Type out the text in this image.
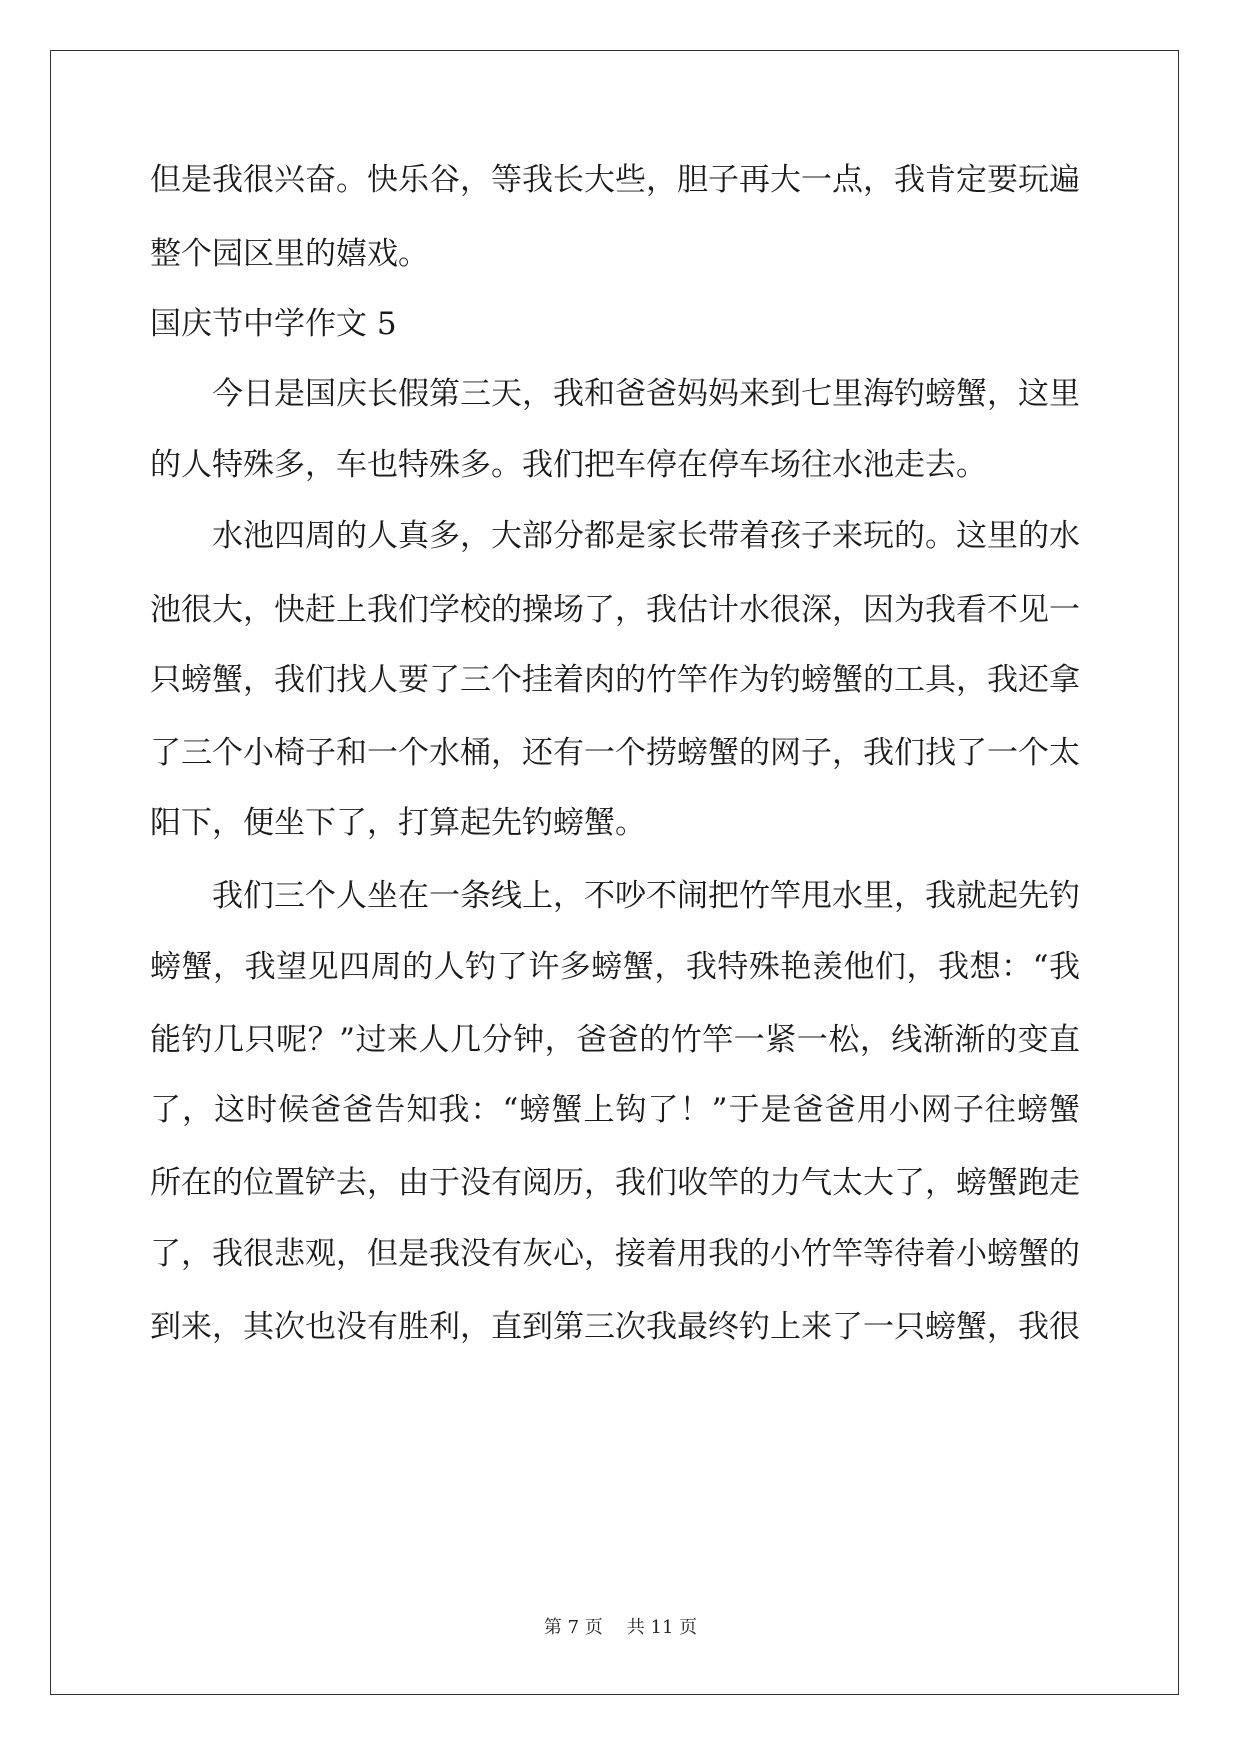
但是我很兴奋。快乐谷，等我长大些，胆子再大一点，我肯定要玩遍
整个园区里的嬉戏。
国庆节中学作文 5
今日是国庆长假第三天，我和爸爸妈妈来到七里海钓螃蟹，这里
的人特殊多，车也特殊多。我们把车停在停车场往水池走去。
水池四周的人真多，大部分都是家长带着孩子来玩的。这里的水
池很大，快赶上我们学校的操场了，我估计水很深，因为我看不见一
只螃蟹，我们找人要了三个挂着肉的竹竿作为钓螃蟹的工具，我还拿
了三个小椅子和一个水桶，还有一个捞螃蟹的网子，我们找了一个太
阳下，便坐下了，打算起先钓螃蟹。
我们三个人坐在一条线上，不吵不闹把竹竿甩水里，我就起先钓
螃蟹，我望见四周的人钓了许多螃蟹，我特殊艳羡他们，我想：“我
能钓几只呢？”过来人几分钟，爸爸的竹竿一紧一松，线渐渐的变直
了，这时候爸爸告知我：“螃蟹上钩了！”于是爸爸用小网子往螃蟹
所在的位置铲去，由于没有阅历，我们收竿的力气太大了，螃蟹跑走
了，我很悲观，但是我没有灰心，接着用我的小竹竿等待着小螃蟹的
到来，其次也没有胜利，直到第三次我最终钓上来了一只螃蟹，我很
第 7 页 共 11 页
